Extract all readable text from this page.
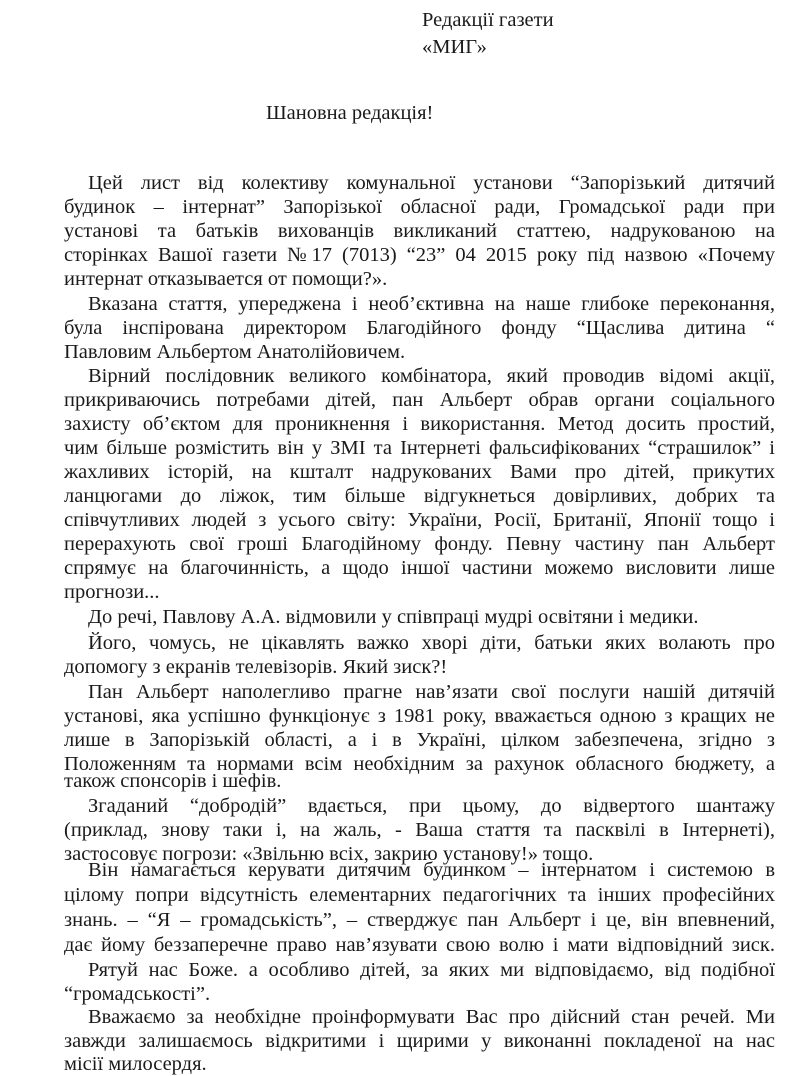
Редакції газети
«МИГ»
Шановна редакція!
Цей лист від колективу комунальної установи “Запорізький дитячий
будинок – інтернат” Запорізької обласної ради, Громадської ради при
установі та батьків вихованців викликаний статтею, надрукованою на
сторінках Вашої газети №17 (7013) “23” 04 2015 року під назвою «Почему
интернат отказывается от помощи?».
Вказана стаття, упереджена і необ’єктивна на наше глибоке переконання,
була інспірована директором Благодійного фонду “Щаслива дитина “
Павловим Альбертом Анатолійовичем.
Вірний послідовник великого комбінатора, який проводив відомі акції,
прикриваючись потребами дітей, пан Альберт обрав органи соціального
захисту об’єктом для проникнення і використання. Метод досить простий,
чим більше розмістить він у ЗМІ та Інтернеті фальсифікованих “страшилок” і
жахливих історій, на кшталт надрукованих Вами про дітей, прикутих
ланцюгами до ліжок, тим більше відгукнеться довірливих, добрих та
співчутливих людей з усього світу: України, Росії, Британії, Японії тощо і
перерахують свої гроші Благодійному фонду. Певну частину пан Альберт
спрямує на благочинність, а щодо іншої частини можемо висловити лише
прогнози...
До речі, Павлову А.А. відмовили у співпраці мудрі освітяни і медики.
Його, чомусь, не цікавлять важко хворі діти, батьки яких волають про
допомогу з екранів телевізорів. Який зиск?!
Пан Альберт наполегливо прагне нав’язати свої послуги нашій дитячій
установі, яка успішно функціонує з 1981 року, вважається одною з кращих не
лише в Запорізькій області, а і в Україні, цілком забезпечена, згідно з
Положенням та нормами всім необхідним за рахунок обласного бюджету, а
також спонсорів і шефів.
Згаданий “добродій” вдається, при цьому, до відвертого шантажу
(приклад, знову таки і, на жаль, - Ваша стаття та пасквілі в Інтернеті),
застосовує погрози: «Звільню всіх, закрию установу!» тощо.
Він намагається керувати дитячим будинком – інтернатом і системою в
цілому попри відсутність елементарних педагогічних та інших професійних
знань. – “Я – громадськість”, – стверджує пан Альберт і це, він впевнений,
дає йому беззаперечне право нав’язувати свою волю і мати відповідний зиск.
Рятуй нас Боже. а особливо дітей, за яких ми відповідаємо, від подібної
“громадськості”.
Вважаємо за необхідне проінформувати Вас про дійсний стан речей. Ми
завжди залишаємось відкритими і щирими у виконанні покладеної на нас
місії милосердя.
